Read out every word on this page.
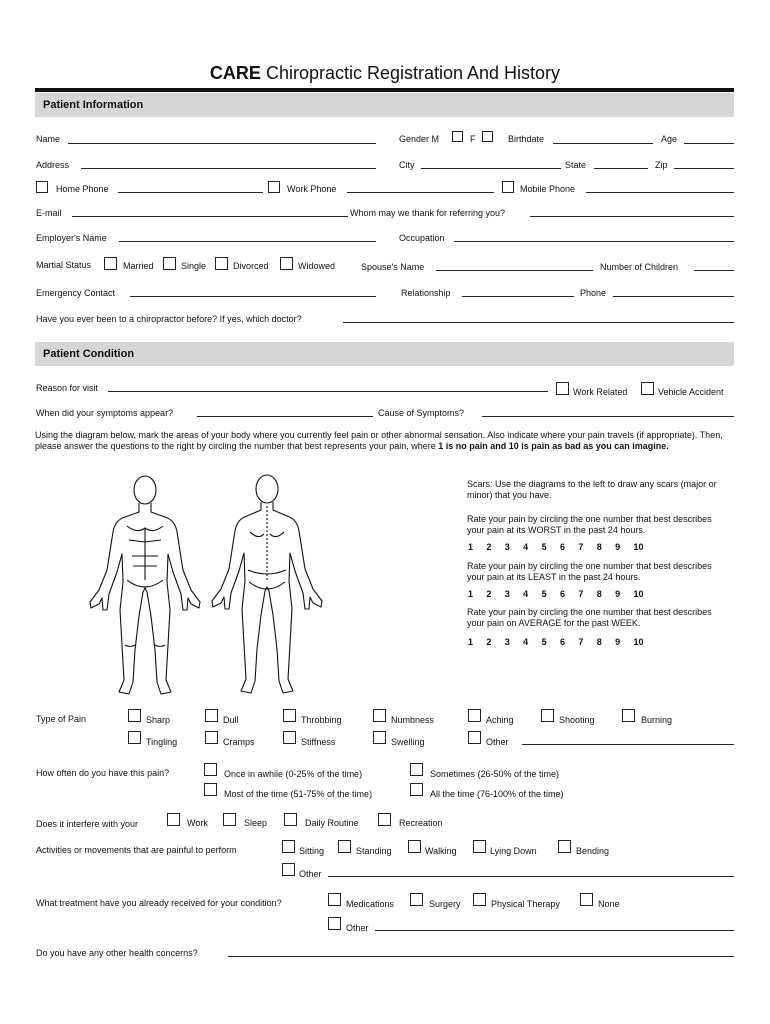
CARE Chiropractic Registration And History
Patient Information
Name	Gender M	F	Birthdate	Age
Address	City	State	Zip
Home Phone	Work Phone	Mobile Phone
E-mail	Whom may we thank for referring you?
Employer's Name	Occupation
Martial Status	Married	Single	Divorced	Widowed	Spouse's Name	Number of Children
Emergency Contact	Relationship	Phone
Have you ever been to a chiropractor before? If yes, which doctor?
Patient Condition
Reason for visit	Work Related	Vehicle Accident
When did your symptoms appear?	Cause of Symptoms?
Using the diagram below, mark the areas of your body where you currently feel pain or other abnormal sensation. Also indicate where your pain travels (if appropriate). Then, please answer the questions to the right by circling the number that best represents your pain, where 1 is no pain and 10 is pain as bad as you can imagine.
Scars: Use the diagrams to the left to draw any scars (major or minor) that you have.
Rate your pain by circling the one number that best describes your pain at its WORST in the past 24 hours.
1 2 3 4 5 6 7 8 9 10
Rate your pain by circling the one number that best describes your pain at its LEAST in the past 24 hours.
1 2 3 4 5 6 7 8 9 10
Rate your pain by circling the one number that best describes your pain on AVERAGE for the past WEEK.
1 2 3 4 5 6 7 8 9 10
Type of Pain	Sharp	Dull	Throbbing	Numbness	Aching	Shooting	Burning
Tingling	Cramps	Stiffness	Swelling	Other
How often do you have this pain?	Once in awhile (0-25% of the time)	Sometimes (26-50% of the time)
Most of the time (51-75% of the time)	All the time (76-100% of the time)
Does it interfere with your	Work	Sleep	Daily Routine	Recreation
Activities or movements that are painful to perform	Sitting	Standing	Walking	Lying Down	Bending
Other
What treatment have you already received for your condition?	Medications	Surgery	Physical Therapy	None
Other
Do you have any other health concerns?
